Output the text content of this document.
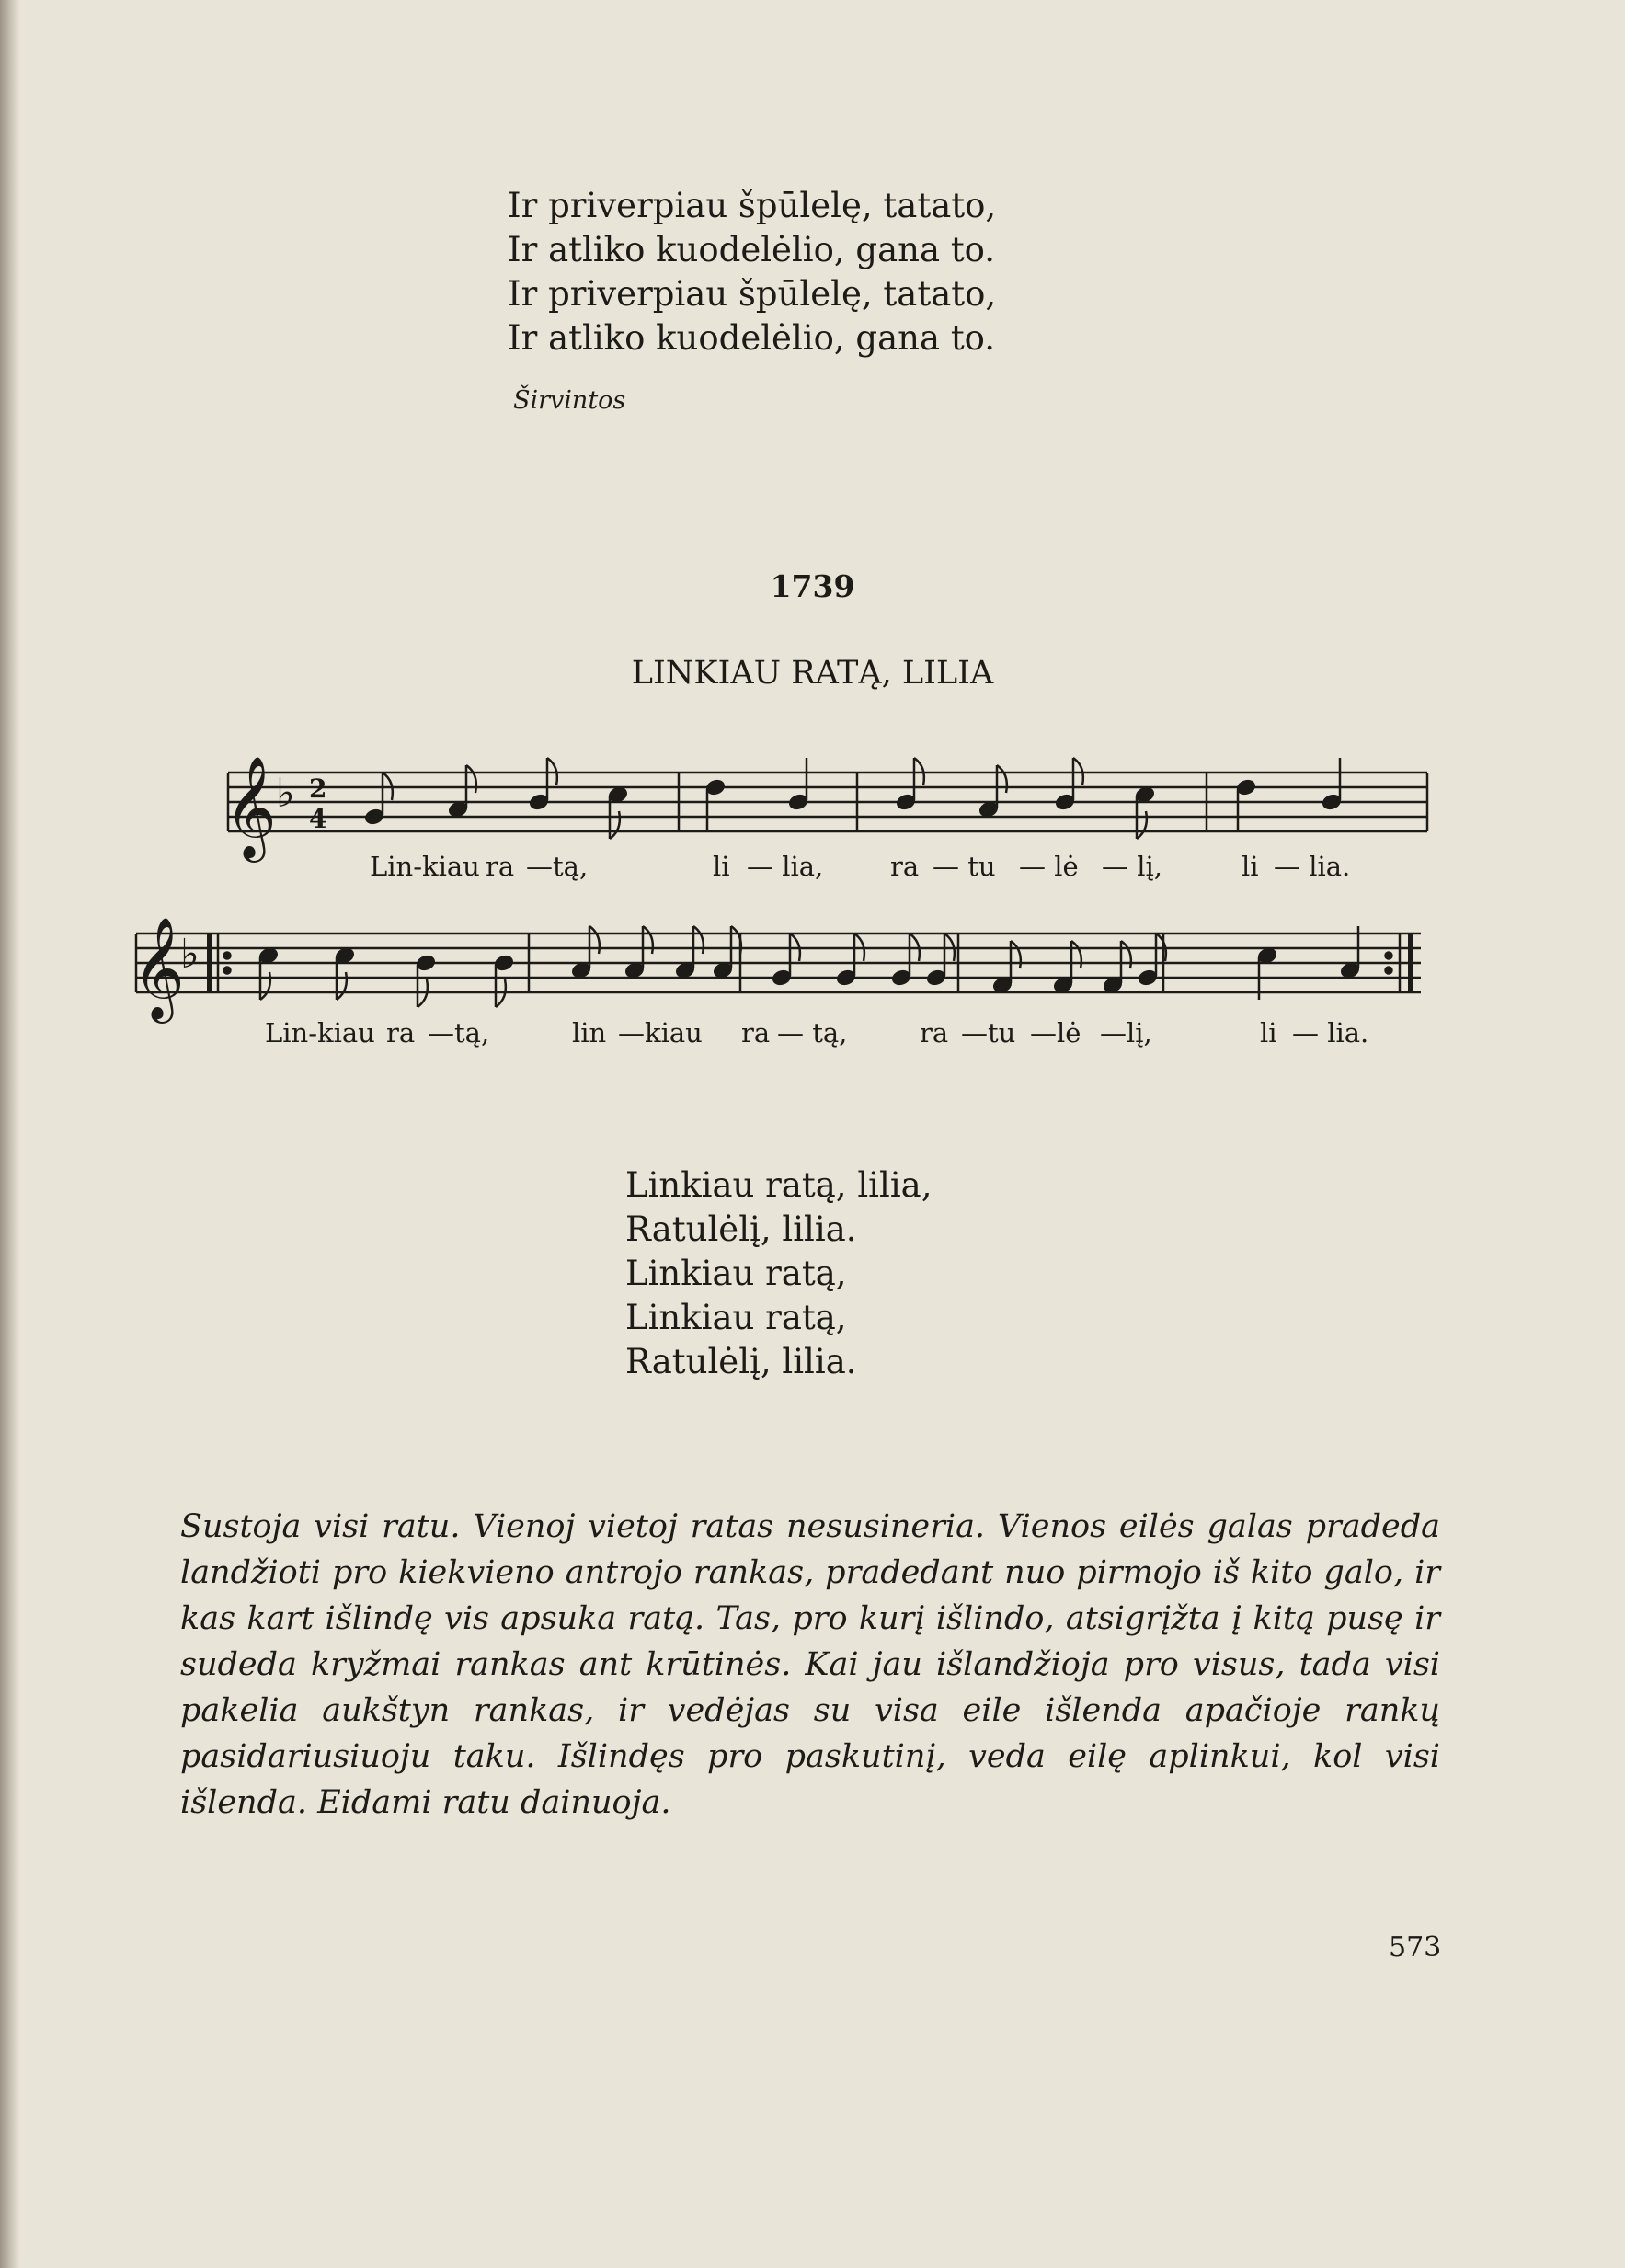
Ir priverpiau špūlelę, tatato,
Ir atliko kuodelėlio, gana to.
Ir priverpiau špūlelę, tatato,
Ir atliko kuodelėlio, gana to.
Širvintos
1739
LINKIAU RATĄ, LILIA
𝄞 ♭ 2
4
Lin-kiau ra —tą,	li — lia,	ra — tu — lė — lį,	li — lia.
𝄞
♭
Lin-kiau ra —tą,	lin —kiau ra — tą,	ra —tu —lė —lį,	li — lia.
Linkiau ratą, lilia,
Ratulėlį, lilia.
Linkiau ratą,
Linkiau ratą,
Ratulėlį, lilia.
Sustoja visi ratu. Vienoj vietoj ratas nesusineria. Vienos eilės galas pradeda landžioti pro kiekvieno antrojo rankas, pradedant nuo pirmojo iš kito galo, ir kas kart išlindę vis apsuka ratą. Tas, pro kurį išlindo, atsigrįžta į kitą pusę ir sudeda kryžmai rankas ant krūtinės. Kai jau išlandžioja pro visus, tada visi pakelia aukštyn rankas, ir vedėjas su visa eile išlenda apačioje rankų pasidariusiuoju taku. Išlindęs pro paskutinį, veda eilę aplinkui, kol visi išlenda. Eidami ratu dainuoja.
573
